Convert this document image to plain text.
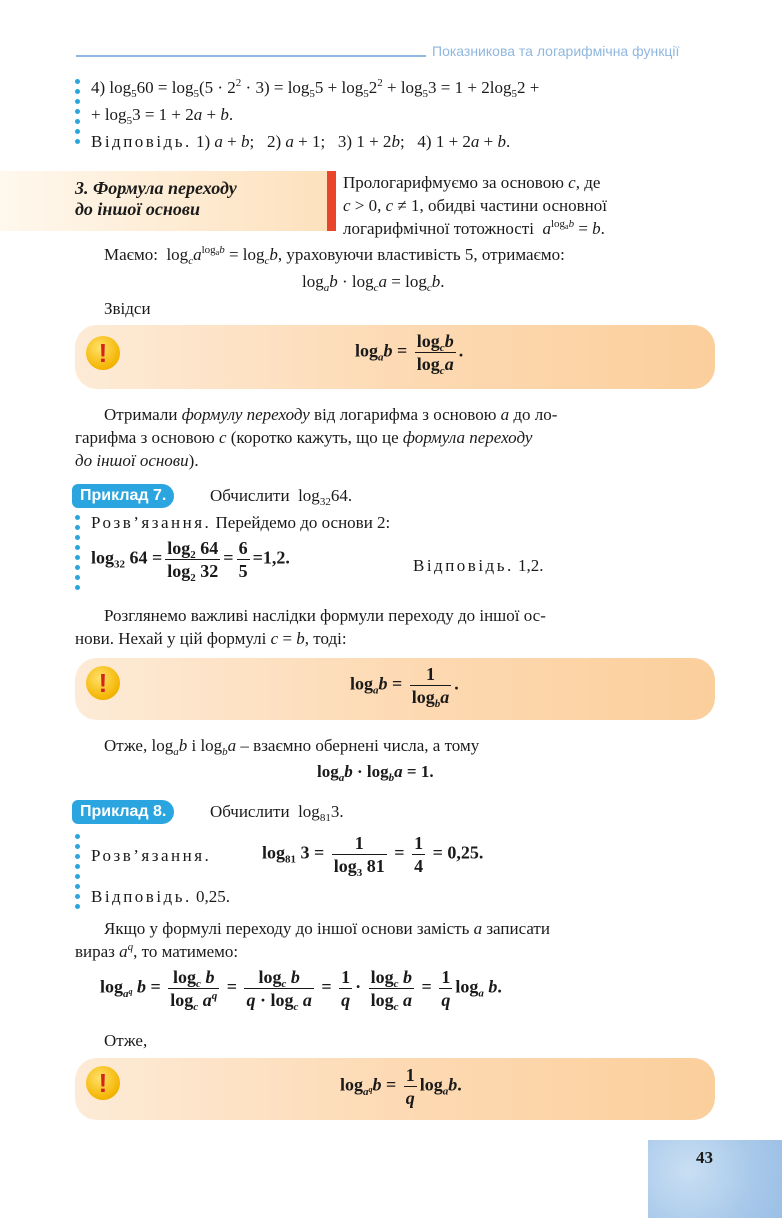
Показникова та логарифмічна функції
4) $\log_560 = \log_5(5 \cdot 2^2 \cdot 3) = \log_55 + \log_52^2 + \log_53 = 1 + 2\log_52$ +
+ $\log_53 = 1 + 2a + b$.
Відповідь. 1) a + b;   2) a + 1;   3) 1 + 2b;   4) 1 + 2a + b.
3. Формула переходу
до іншої основи
Прологарифмуємо за основою c, де
c > 0, c ≠ 1, обидві частини основної
логарифмічної тотожності $a^{log_ab} = b$.
Маємо:  $\log_ca^{log_ab} = \log_cb$, ураховуючи властивість 5, отримаємо:
$\log_ab \cdot \log_ca = \log_cb$.
Звідси
!	$\log_ab = \frac{\log_cb}{\log_ca}$ .
Отримали формулу переходу від логарифма з основою a до ло-
гарифма з основою c (коротко кажуть, що це формула переходу
до іншої основи).
Приклад 7.	Обчислити  $\log_{32}64$.
Розв’язання. Перейдемо до основи 2:
$\log_{32} 64 = \frac{\log_2 64}{\log_2 32} = \frac{6}{5} =1,2$.	Відповідь. 1,2.
Розглянемо важливі наслідки формули переходу до іншої ос-
нови. Нехай у цій формулі c = b, тоді:
!	$\log_ab = \frac{1}{\log_ba}$ .
Отже, $\log_ab$ і $\log_ba$ – взаємно обернені числа, а тому
$\log_ab \cdot \log_ba = 1$.
Приклад 8.	Обчислити  $\log_{81}3$.
Розв’язання.	$\log_{81} 3 = \frac{1}{\log_3 81} = \frac{1}{4} = 0,25$.
Відповідь. 0,25.
Якщо у формулі переходу до іншої основи замість a записати
вираз $a^q$, то матимемо:
$\log_{a^q} b = \frac{\log_c b}{\log_c a^q} = \frac{\log_c b}{q \cdot \log_c a} = \frac{1}{q} \cdot \frac{\log_c b}{\log_c a} = \frac{1}{q} \log_a b$.
Отже,
!	$\log_{a^q}b = \frac{1}{q} \log_ab$.
43
